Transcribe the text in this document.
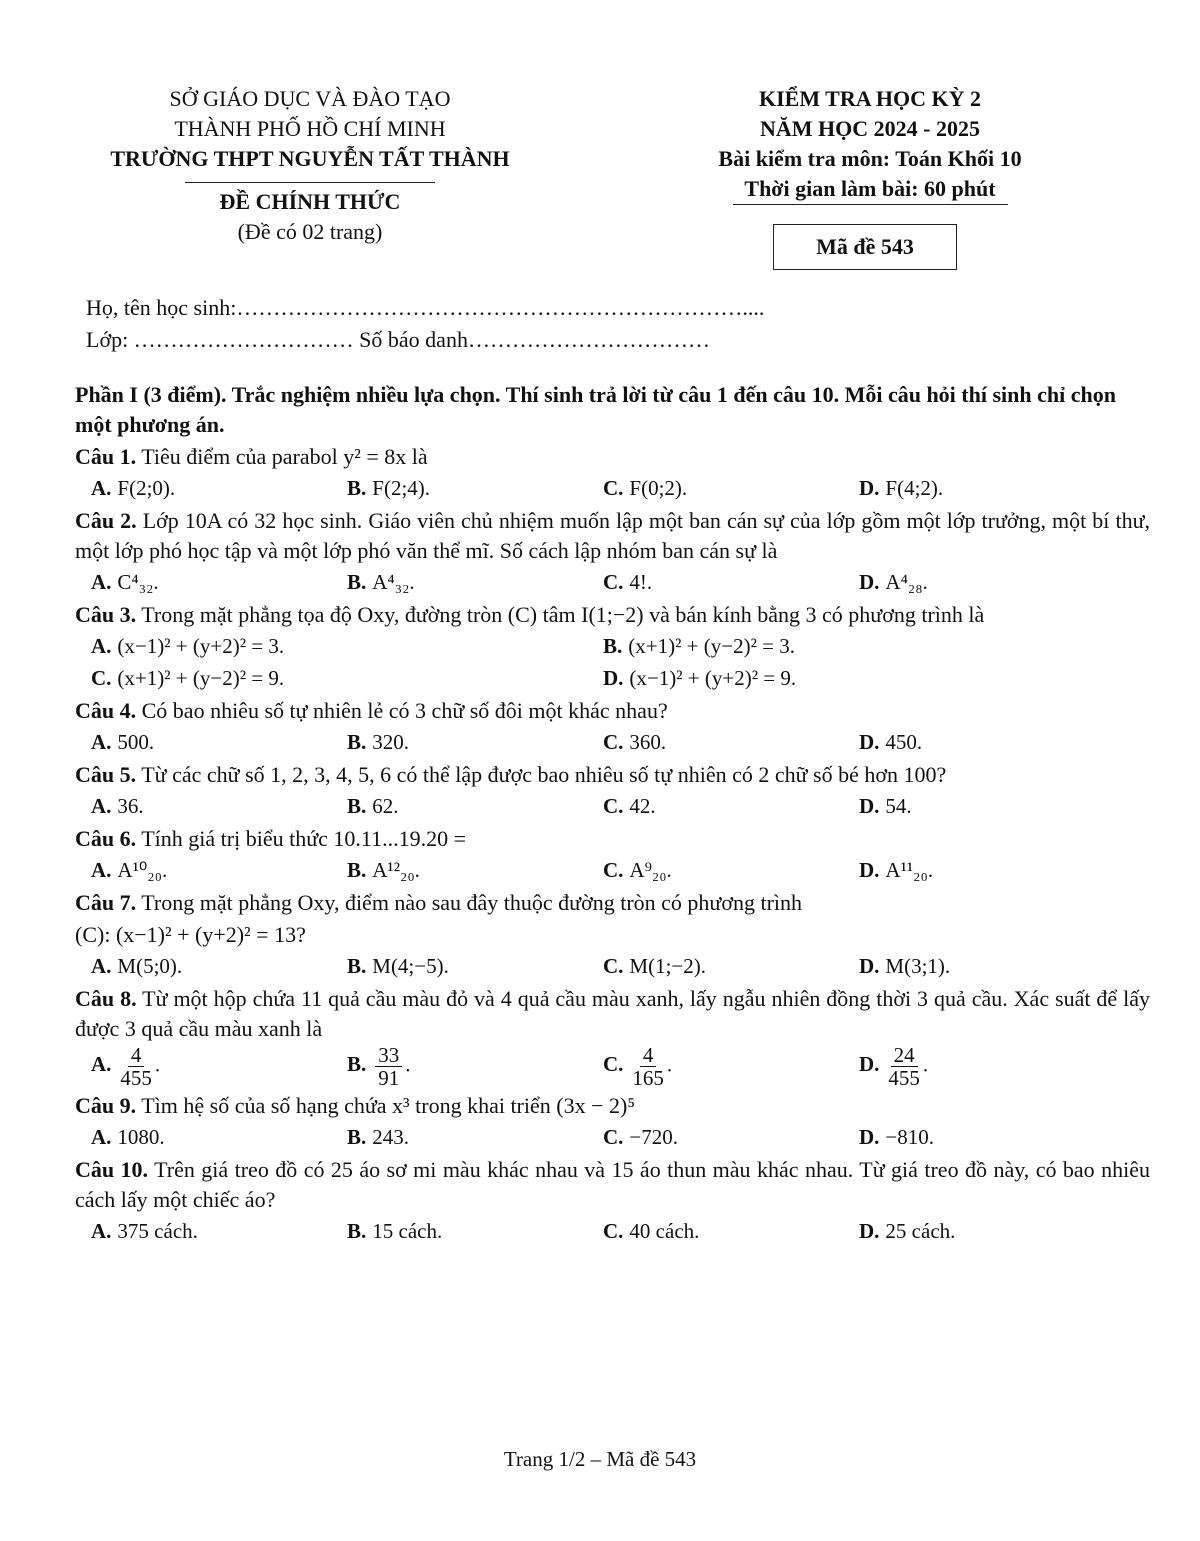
SỞ GIÁO DỤC VÀ ĐÀO TẠO
THÀNH PHỐ HỒ CHÍ MINH
TRƯỜNG THPT NGUYỄN TẤT THÀNH
ĐỀ CHÍNH THỨC
(Đề có 02 trang)
KIỂM TRA HỌC KỲ 2
NĂM HỌC 2024 - 2025
Bài kiểm tra môn: Toán Khối 10
Thời gian làm bài: 60 phút
Mã đề 543
Họ, tên học sinh:……………………………………………………………....
Lớp: ………………………… Số báo danh……………………………
Phần I (3 điểm). Trắc nghiệm nhiều lựa chọn. Thí sinh trả lời từ câu 1 đến câu 10. Mỗi câu hỏi thí sinh chỉ chọn một phương án.
Câu 1. Tiêu điểm của parabol y² = 8x là
A. F(2;0).	B. F(2;4).	C. F(0;2).	D. F(4;2).
Câu 2. Lớp 10A có 32 học sinh. Giáo viên chủ nhiệm muốn lập một ban cán sự của lớp gồm một lớp trưởng, một bí thư, một lớp phó học tập và một lớp phó văn thể mĩ. Số cách lập nhóm ban cán sự là
A. C⁴₃₂.	B. A⁴₃₂.	C. 4!.	D. A⁴₂₈.
Câu 3. Trong mặt phẳng tọa độ Oxy, đường tròn (C) tâm I(1;−2) và bán kính bằng 3 có phương trình là
A. (x−1)² + (y+2)² = 3.	B. (x+1)² + (y−2)² = 3.
C. (x+1)² + (y−2)² = 9.	D. (x−1)² + (y+2)² = 9.
Câu 4. Có bao nhiêu số tự nhiên lẻ có 3 chữ số đôi một khác nhau?
A. 500.	B. 320.	C. 360.	D. 450.
Câu 5. Từ các chữ số 1, 2, 3, 4, 5, 6 có thể lập được bao nhiêu số tự nhiên có 2 chữ số bé hơn 100?
A. 36.	B. 62.	C. 42.	D. 54.
Câu 6. Tính giá trị biểu thức 10.11...19.20 =
A. A¹⁰₂₀.	B. A¹²₂₀.	C. A⁹₂₀.	D. A¹¹₂₀.
Câu 7. Trong mặt phẳng Oxy, điểm nào sau đây thuộc đường tròn có phương trình
(C): (x−1)² + (y+2)² = 13?
A. M(5;0).	B. M(4;−5).	C. M(1;−2).	D. M(3;1).
Câu 8. Từ một hộp chứa 11 quả cầu màu đỏ và 4 quả cầu màu xanh, lấy ngẫu nhiên đồng thời 3 quả cầu. Xác suất để lấy được 3 quả cầu màu xanh là
A. $\frac{4}{455}$ .	B. $\frac{33}{91}$ .	C. $\frac{4}{165}$ .	D. $\frac{24}{455}$ .
Câu 9. Tìm hệ số của số hạng chứa x³ trong khai triển (3x − 2)⁵
A. 1080.	B. 243.	C. −720.	D. −810.
Câu 10. Trên giá treo đồ có 25 áo sơ mi màu khác nhau và 15 áo thun màu khác nhau. Từ giá treo đồ này, có bao nhiêu cách lấy một chiếc áo?
A. 375 cách.	B. 15 cách.	C. 40 cách.	D. 25 cách.
Trang 1/2 – Mã đề 543
